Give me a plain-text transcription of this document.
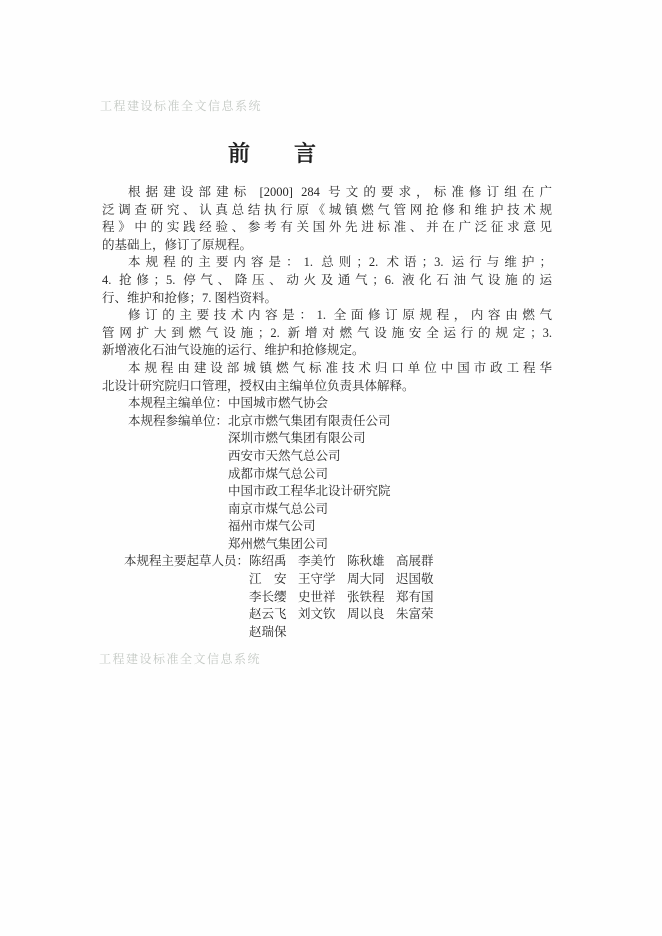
工程建设标准全文信息系统
前　　言
根据建设部建标 [2000] 284 号文的要求，标准修订组在广
泛调查研究、认真总结执行原《城镇燃气管网抢修和维护技术规
程》中的实践经验、参考有关国外先进标准、并在广泛征求意见
的基础上，修订了原规程。
本规程的主要内容是：1. 总则；2. 术语；3. 运行与维护；
4. 抢修；5. 停气、降压、动火及通气；6. 液化石油气设施的运
行、维护和抢修；7. 图档资料。
修订的主要技术内容是：1. 全面修订原规程，内容由燃气
管网扩大到燃气设施；2. 新增对燃气设施安全运行的规定；3.
新增液化石油气设施的运行、维护和抢修规定。
本规程由建设部城镇燃气标准技术归口单位中国市政工程华
北设计研究院归口管理，授权由主编单位负责具体解释。
本规程主编单位： 中国城市燃气协会
本规程参编单位： 北京市燃气集团有限责任公司
深圳市燃气集团有限公司
西安市天然气总公司
成都市煤气总公司
中国市政工程华北设计研究院
南京市煤气总公司
福州市煤气公司
郑州燃气集团公司
本规程主要起草人员： 陈绍禹 李美竹 陈秋雄 高展群
江　安 王守学 周大同 迟国敬
李长缨 史世祥 张铁程 郑有国
赵云飞 刘文钦 周以良 朱富荣
赵瑞保
工程建设标准全文信息系统
